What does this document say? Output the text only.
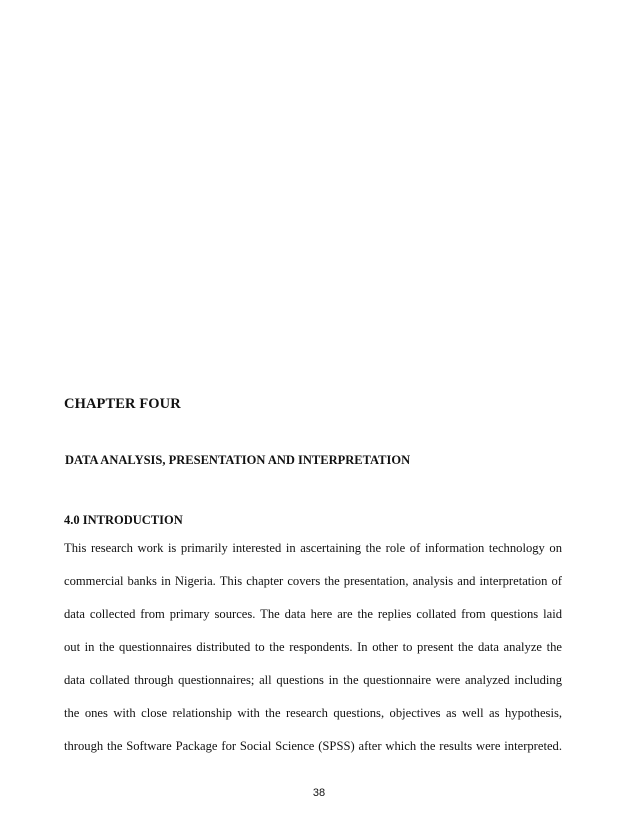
CHAPTER FOUR
DATA ANALYSIS, PRESENTATION AND INTERPRETATION
4.0 INTRODUCTION
This research work is primarily interested in ascertaining the role of information technology on
commercial banks in Nigeria. This chapter covers the presentation, analysis and interpretation of
data collected from primary sources. The data here are the replies collated from questions laid
out in the questionnaires distributed to the respondents. In other to present the data analyze the
data collated through questionnaires; all questions in the questionnaire were analyzed including
the ones with close relationship with the research questions, objectives as well as hypothesis,
through the Software Package for Social Science (SPSS) after which the results were interpreted.
38
